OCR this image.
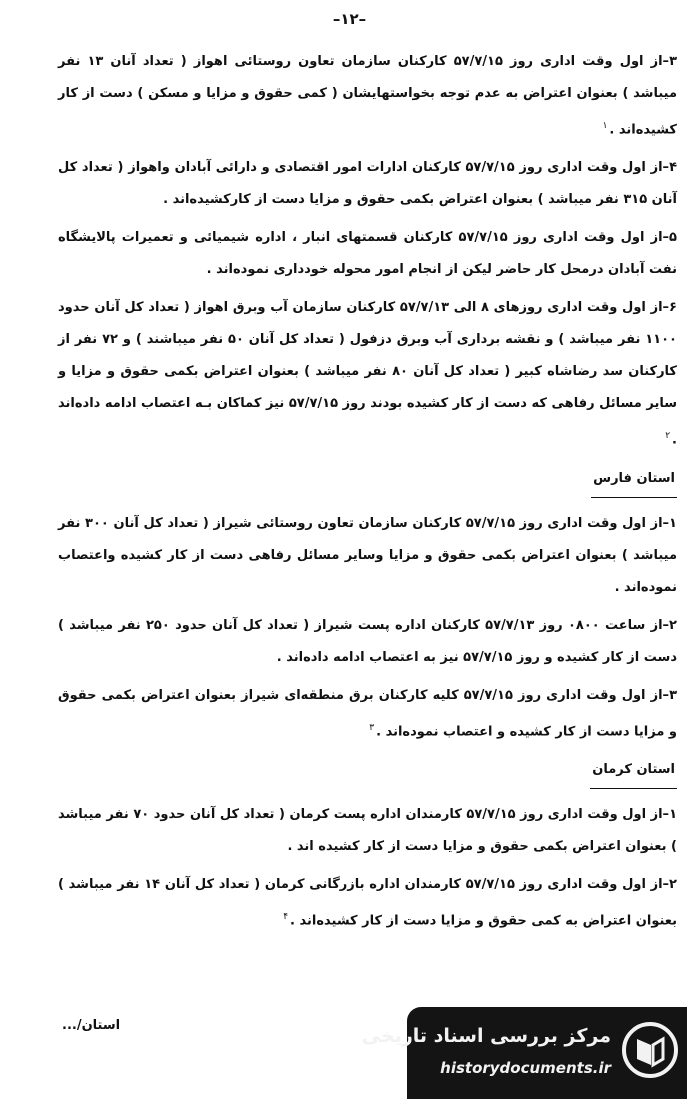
–۱۲–

۳–از اول وقت اداری روز ۵۷/۷/۱۵ کارکنان سازمان تعاون روستائی اهواز ( تعداد آنان ۱۳ نفر میباشد ) بعنوان اعتراض به عدم توجه بخواستهایشان ( کمی حقوق و مزایا و مسکن ) دست از کار کشیده‌اند .$^۱$

۴–از اول وقت اداری روز ۵۷/۷/۱۵ کارکنان ادارات امور اقتصادی و دارائی آبادان واهواز ( تعداد کل آنان ۳۱۵ نفر میباشد ) بعنوان اعتراض بکمی حقوق و مزایا دست از کارکشیده‌اند .

۵–از اول وقت اداری روز ۵۷/۷/۱۵ کارکنان قسمتهای انبار ، اداره شیمیائی و تعمیرات پالایشگاه نفت آبادان درمحل کار حاضر لیکن از انجام امور محوله خودداری نموده‌اند .

۶–از اول وقت اداری روزهای ۸ الی ۵۷/۷/۱۳ کارکنان سازمان آب وبرق اهواز ( تعداد کل آنان حدود ۱۱۰۰ نفر میباشد ) و نقشه برداری آب وبرق دزفول ( تعداد کل آنان ۵۰ نفر میباشند ) و ۷۲ نفر از کارکنان سد رضاشاه کبیر ( تعداد کل آنان ۸۰ نفر میباشد ) بعنوان اعتراض بکمی حقوق و مزایا و سایر مسائل رفاهی که دست از کار کشیده بودند روز ۵۷/۷/۱۵ نیز کماکان بـه اعتصاب ادامه داده‌اند .$^۲$

استان فارس

۱–از اول وقت اداری روز ۵۷/۷/۱۵ کارکنان سازمان تعاون روستائی شیراز ( تعداد کل آنان ۳۰۰ نفر میباشد ) بعنوان اعتراض بکمی حقوق و مزایا وسایر مسائل رفاهی دست از کار کشیده واعتصاب نموده‌اند .

۲–از ساعت ۰۸۰۰ روز ۵۷/۷/۱۳ کارکنان اداره پست شیراز ( تعداد کل آنان حدود ۲۵۰ نفر میباشد ) دست از کار کشیده و روز ۵۷/۷/۱۵ نیز به اعتصاب ادامه داده‌اند .

۳–از اول وقت اداری روز ۵۷/۷/۱۵ کلیه کارکنان برق منطقه‌ای شیراز بعنوان اعتراض بکمی حقوق و مزایا دست از کار کشیده و اعتصاب نموده‌اند .$^۳$

استان کرمان

۱–از اول وقت اداری روز ۵۷/۷/۱۵ کارمندان اداره پست کرمان ( تعداد کل آنان حدود ۷۰ نفر میباشد ) بعنوان اعتراض بکمی حقوق و مزایا دست از کار کشیده اند .

۲–از اول وقت اداری روز ۵۷/۷/۱۵ کارمندان اداره بازرگانی کرمان ( تعداد کل آنان ۱۴ نفر میباشد ) بعنوان اعتراض به کمی حقوق و مزایا دست از کار کشیده‌اند .$^۴$

استان/...	مرکز بررسی اسناد تاریخی
historydocuments.ir
